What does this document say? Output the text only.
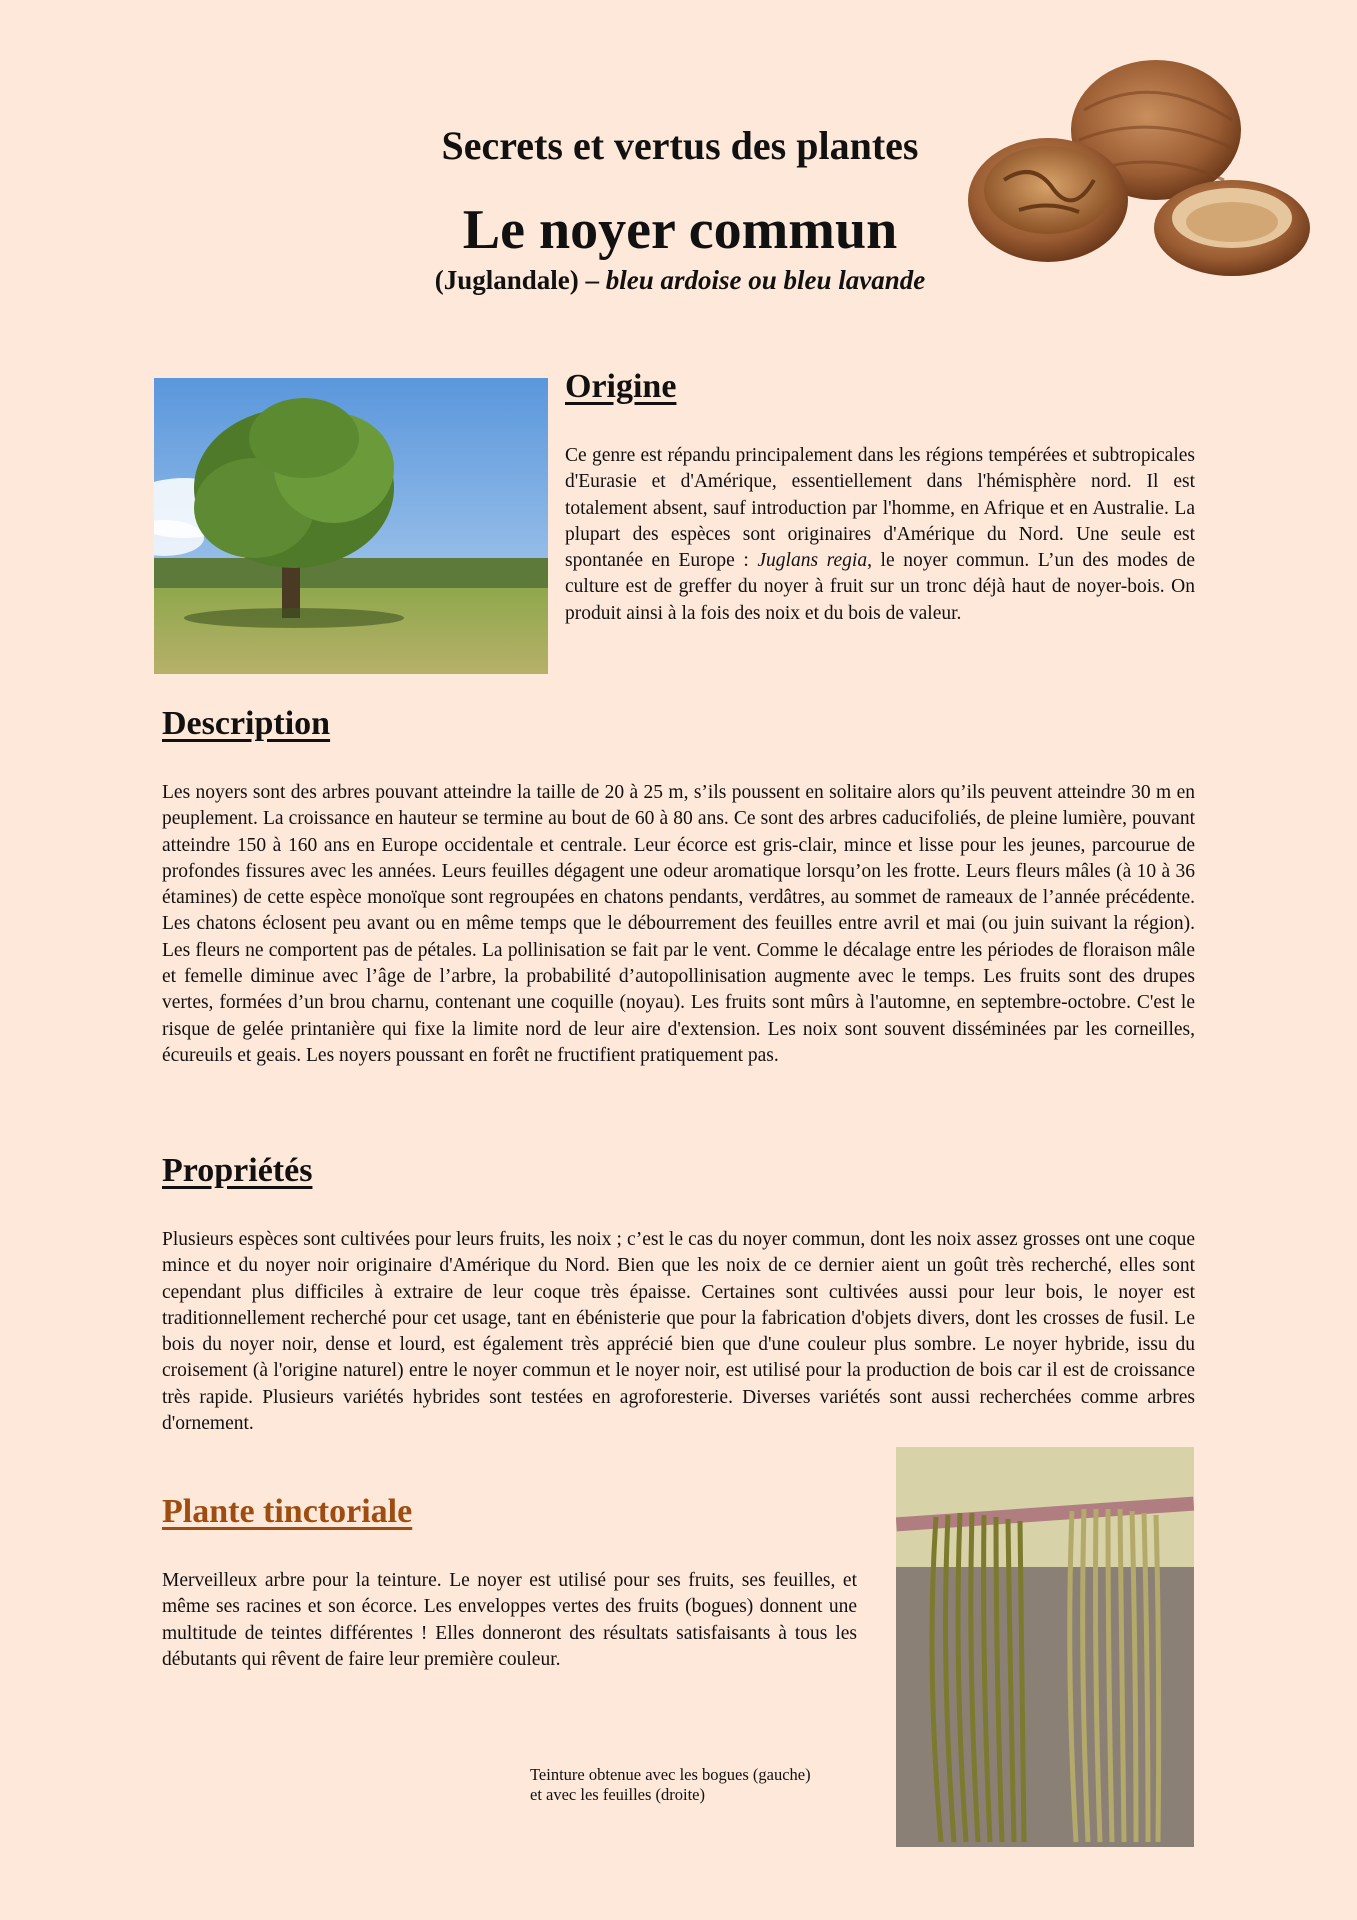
Secrets et vertus des plantes
Le noyer commun
(Juglandale) – bleu ardoise ou bleu lavande
Origine
Ce genre est répandu principalement dans les régions tempérées et subtropicales d'Eurasie et d'Amérique, essentiellement dans l'hémisphère nord. Il est totalement absent, sauf introduction par l'homme, en Afrique et en Australie. La plupart des espèces sont originaires d'Amérique du Nord. Une seule est spontanée en Europe : Juglans regia, le noyer commun. L’un des modes de culture est de greffer du noyer à fruit sur un tronc déjà haut de noyer-bois. On produit ainsi à la fois des noix et du bois de valeur.
Description
Les noyers sont des arbres pouvant atteindre la taille de 20 à 25 m, s’ils poussent en solitaire alors qu’ils peuvent atteindre 30 m en peuplement. La croissance en hauteur se termine au bout de 60 à 80 ans. Ce sont des arbres caducifoliés, de pleine lumière, pouvant atteindre 150 à 160 ans en Europe occidentale et centrale. Leur écorce est gris-clair, mince et lisse pour les jeunes, parcourue de profondes fissures avec les années. Leurs feuilles dégagent une odeur aromatique lorsqu’on les frotte. Leurs fleurs mâles (à 10 à 36 étamines) de cette espèce monoïque sont regroupées en chatons pendants, verdâtres, au sommet de rameaux de l’année précédente. Les chatons éclosent peu avant ou en même temps que le débourrement des feuilles entre avril et mai (ou juin suivant la région). Les fleurs ne comportent pas de pétales. La pollinisation se fait par le vent. Comme le décalage entre les périodes de floraison mâle et femelle diminue avec l’âge de l’arbre, la probabilité d’autopollinisation augmente avec le temps. Les fruits sont des drupes vertes, formées d’un brou charnu, contenant une coquille (noyau). Les fruits sont mûrs à l'automne, en septembre-octobre. C'est le risque de gelée printanière qui fixe la limite nord de leur aire d'extension. Les noix sont souvent disséminées par les corneilles, écureuils et geais. Les noyers poussant en forêt ne fructifient pratiquement pas.
Propriétés
Plusieurs espèces sont cultivées pour leurs fruits, les noix ; c’est le cas du noyer commun, dont les noix assez grosses ont une coque mince et du noyer noir originaire d'Amérique du Nord. Bien que les noix de ce dernier aient un goût très recherché, elles sont cependant plus difficiles à extraire de leur coque très épaisse. Certaines sont cultivées aussi pour leur bois, le noyer est traditionnellement recherché pour cet usage, tant en ébénisterie que pour la fabrication d'objets divers, dont les crosses de fusil. Le bois du noyer noir, dense et lourd, est également très apprécié bien que d'une couleur plus sombre. Le noyer hybride, issu du croisement (à l'origine naturel) entre le noyer commun et le noyer noir, est utilisé pour la production de bois car il est de croissance très rapide. Plusieurs variétés hybrides sont testées en agroforesterie. Diverses variétés sont aussi recherchées comme arbres d'ornement.
Plante tinctoriale
Merveilleux arbre pour la teinture. Le noyer est utilisé pour ses fruits, ses feuilles, et même ses racines et son écorce. Les enveloppes vertes des fruits (bogues) donnent une multitude de teintes différentes ! Elles donneront des résultats satisfaisants à tous les débutants qui rêvent de faire leur première couleur.
Teinture obtenue avec les bogues (gauche)
et avec les feuilles (droite)
